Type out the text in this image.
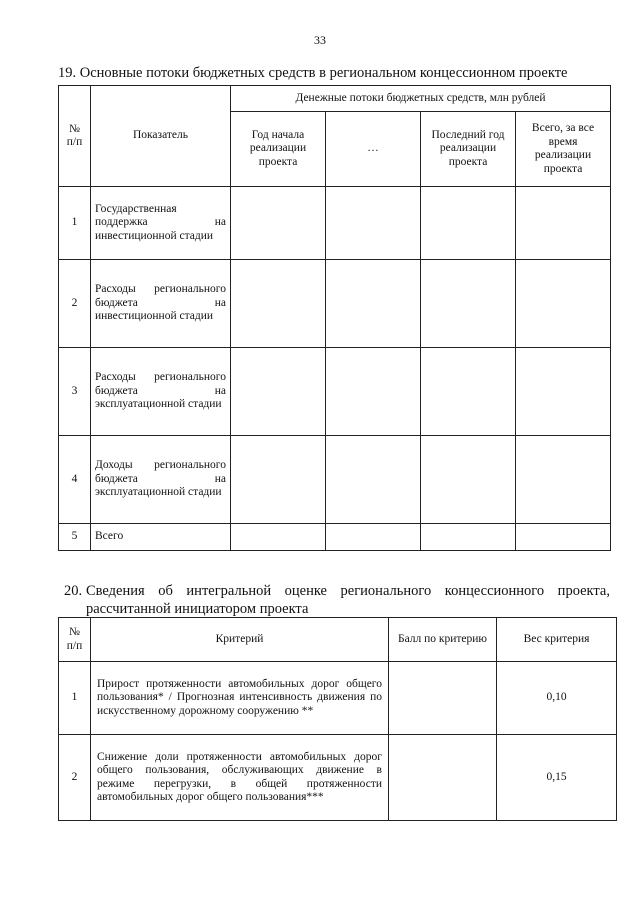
33
19. Основные потоки бюджетных средств в региональном концессионном проекте
№ п/п	Показатель	Денежные потоки бюджетных средств, млн рублей			
		Год начала реализации проекта	…	Последний год реализации проекта	Всего, за все время реализации проекта
1	Государственная поддержка на инвестиционной стадии				
2	Расходы регионального бюджета на инвестиционной стадии				
3	Расходы регионального бюджета на эксплуатационной стадии				
4	Доходы регионального бюджета на эксплуатационной стадии				
5	Всего				
20. Сведения об интегральной оценке регионального концессионного проекта, рассчитанной инициатором проекта
№ п/п	Критерий	Балл по критерию	Вес критерия
1	Прирост протяженности автомобильных дорог общего пользования* / Прогнозная интенсивность движения по искусственному дорожному сооружению **		0,10
2	Снижение доли протяженности автомобильных дорог общего пользования, обслуживающих движение в режиме перегрузки, в общей протяженности автомобильных дорог общего пользования***		0,15
